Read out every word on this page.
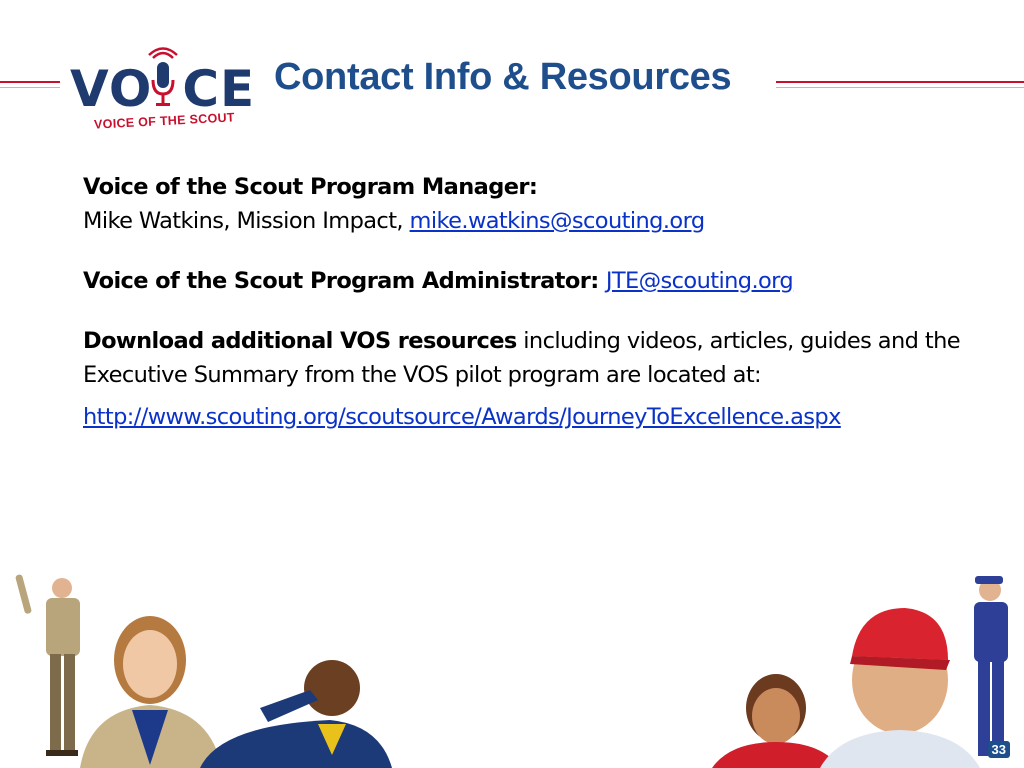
VO CE
VOICE OF THE SCOUT
Contact Info & Resources

Voice of the Scout Program Manager:
Mike Watkins, Mission Impact, mike.watkins@scouting.org

Voice of the Scout Program Administrator: JTE@scouting.org

Download additional VOS resources including videos, articles, guides and the Executive Summary from the VOS pilot program are located at:

http://www.scouting.org/scoutsource/Awards/JourneyToExcellence.aspx

33
